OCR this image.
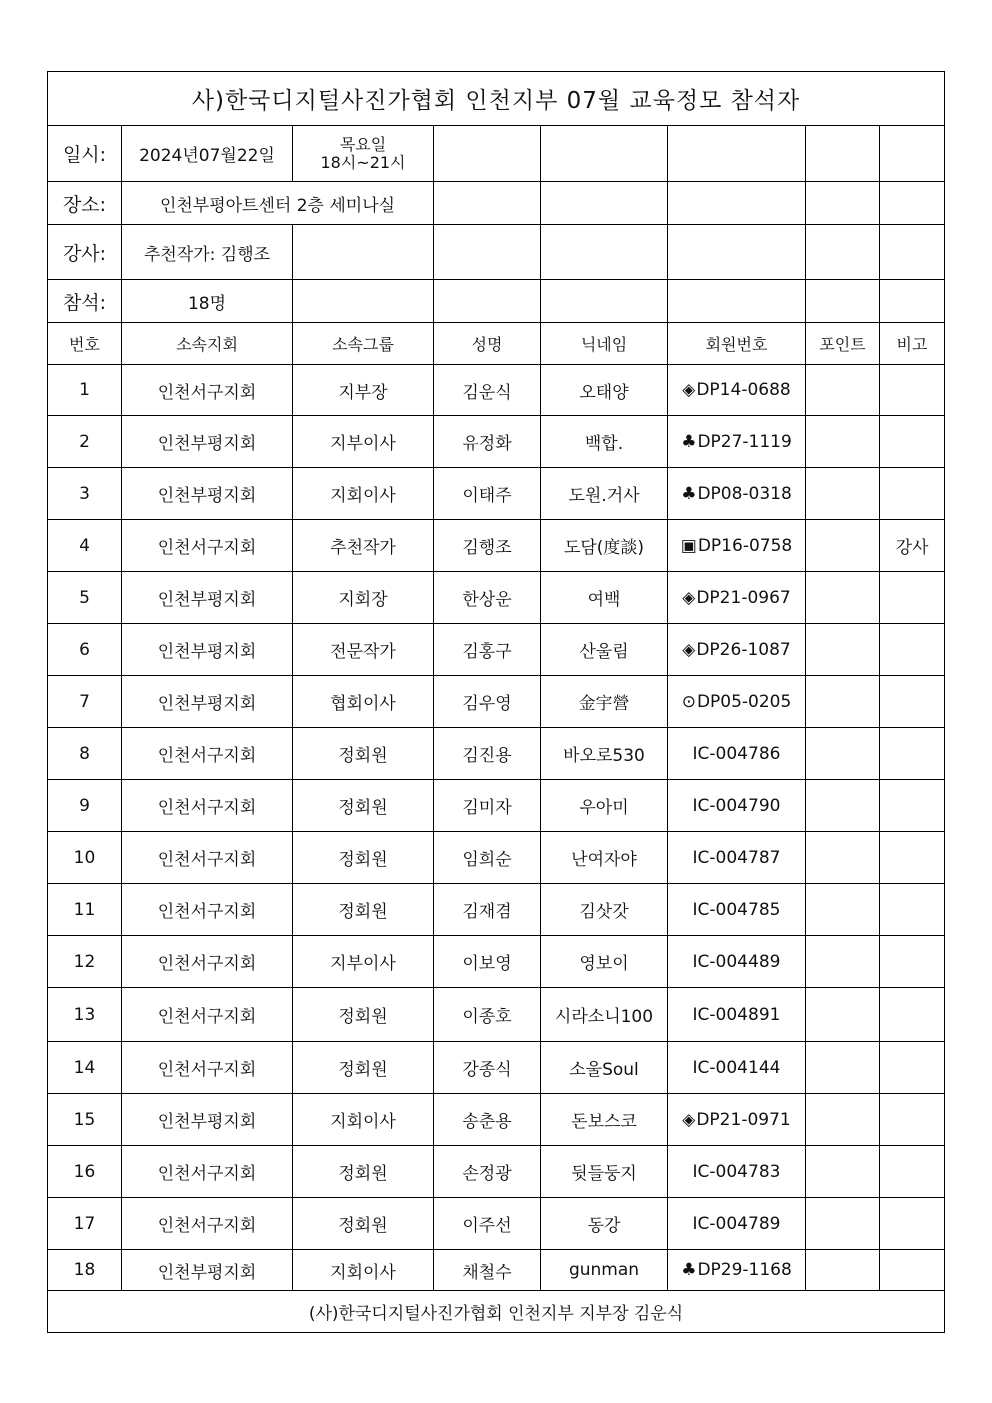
사)한국디지털사진가협회 인천지부 07월 교육정모 참석자							
일시:	2024년07월22일	목요일
18시~21시					

장소:	인천부평아트센터 2층 세미나실						
강사:	추천작가: 김행조						
참석:	18명						
번호	소속지회	소속그룹	성명	닉네임	회원번호	포인트	비고
1	인천서구지회	지부장	김운식	오태양	◈DP14-0688		
2	인천부평지회	지부이사	유정화	백합.	♣DP27-1119		
3	인천부평지회	지회이사	이태주	도원.거사	♣DP08-0318		
4	인천서구지회	추천작가	김행조	도담(度談)	▣DP16-0758		강사
5	인천부평지회	지회장	한상운	여백	◈DP21-0967		
6	인천부평지회	전문작가	김홍구	산울림	◈DP26-1087		
7	인천부평지회	협회이사	김우영	金宇營	⊙DP05-0205		
8	인천서구지회	정회원	김진용	바오로530	IC-004786		
9	인천서구지회	정회원	김미자	우아미	IC-004790		
10	인천서구지회	정회원	임희순	난여자야	IC-004787		
11	인천서구지회	정회원	김재겸	김삿갓	IC-004785		
12	인천서구지회	지부이사	이보영	영보이	IC-004489		
13	인천서구지회	정회원	이종호	시라소니100	IC-004891		
14	인천서구지회	정회원	강종식	소울Soul	IC-004144		
15	인천부평지회	지회이사	송춘용	돈보스코	◈DP21-0971		
16	인천서구지회	정회원	손정광	뒷들둥지	IC-004783		
17	인천서구지회	정회원	이주선	동강	IC-004789		
18	인천부평지회	지회이사	채철수	gunman	♣DP29-1168		
(사)한국디지털사진가협회 인천지부 지부장 김운식							
